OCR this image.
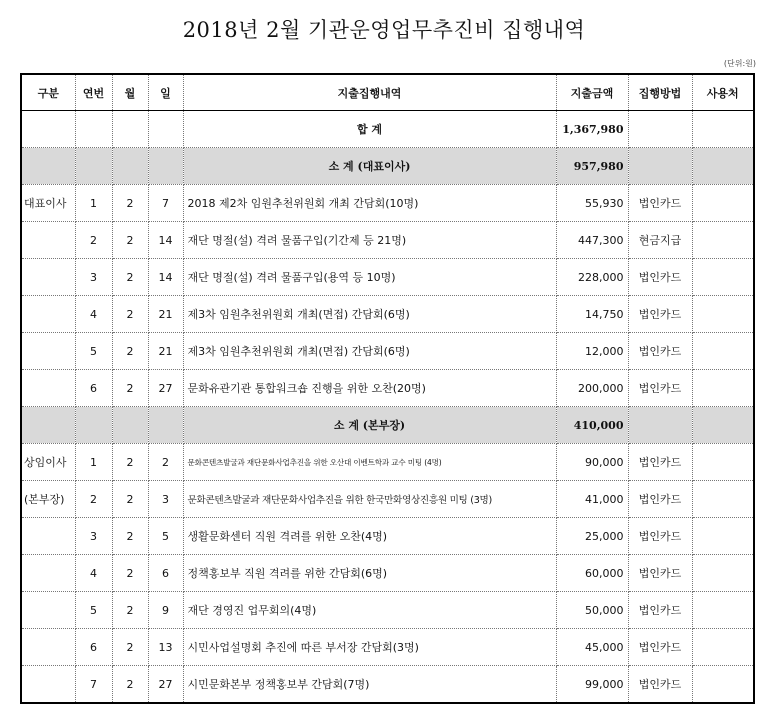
2018년 2월 기관운영업무추진비 집행내역
(단위:원)
구분	연번	월	일	지출집행내역	지출금액	집행방법	사용처
				합 계	1,367,980		
				소 계 (대표이사)	957,980		
대표이사	1	2	7	2018 제2차 임원추천위원회 개최 간담회(10명)	55,930	법인카드	
	2	2	14	재단 명절(설) 격려 물품구입(기간제 등 21명)	447,300	현금지급	
	3	2	14	재단 명절(설) 격려 물품구입(용역 등 10명)	228,000	법인카드	
	4	2	21	제3차 임원추천위원회 개최(면접) 간담회(6명)	14,750	법인카드	
	5	2	21	제3차 임원추천위원회 개최(면접) 간담회(6명)	12,000	법인카드	
	6	2	27	문화유관기관 통합워크숍 진행을 위한 오찬(20명)	200,000	법인카드	
				소 계 (본부장)	410,000		
상임이사	1	2	2	문화콘텐츠발굴과 재단문화사업추진을 위한 오산대 이벤트학과 교수 미팅 (4명)	90,000	법인카드	
(본부장)	2	2	3	문화콘텐츠발굴과 재단문화사업추진을 위한 한국만화영상진흥원 미팅 (3명)	41,000	법인카드	
	3	2	5	생활문화센터 직원 격려를 위한 오찬(4명)	25,000	법인카드	
	4	2	6	정책홍보부 직원 격려를 위한 간담회(6명)	60,000	법인카드	
	5	2	9	재단 경영진 업무회의(4명)	50,000	법인카드	
	6	2	13	시민사업설명회 추진에 따른 부서장 간담회(3명)	45,000	법인카드	
	7	2	27	시민문화본부 정책홍보부 간담회(7명)	99,000	법인카드	
